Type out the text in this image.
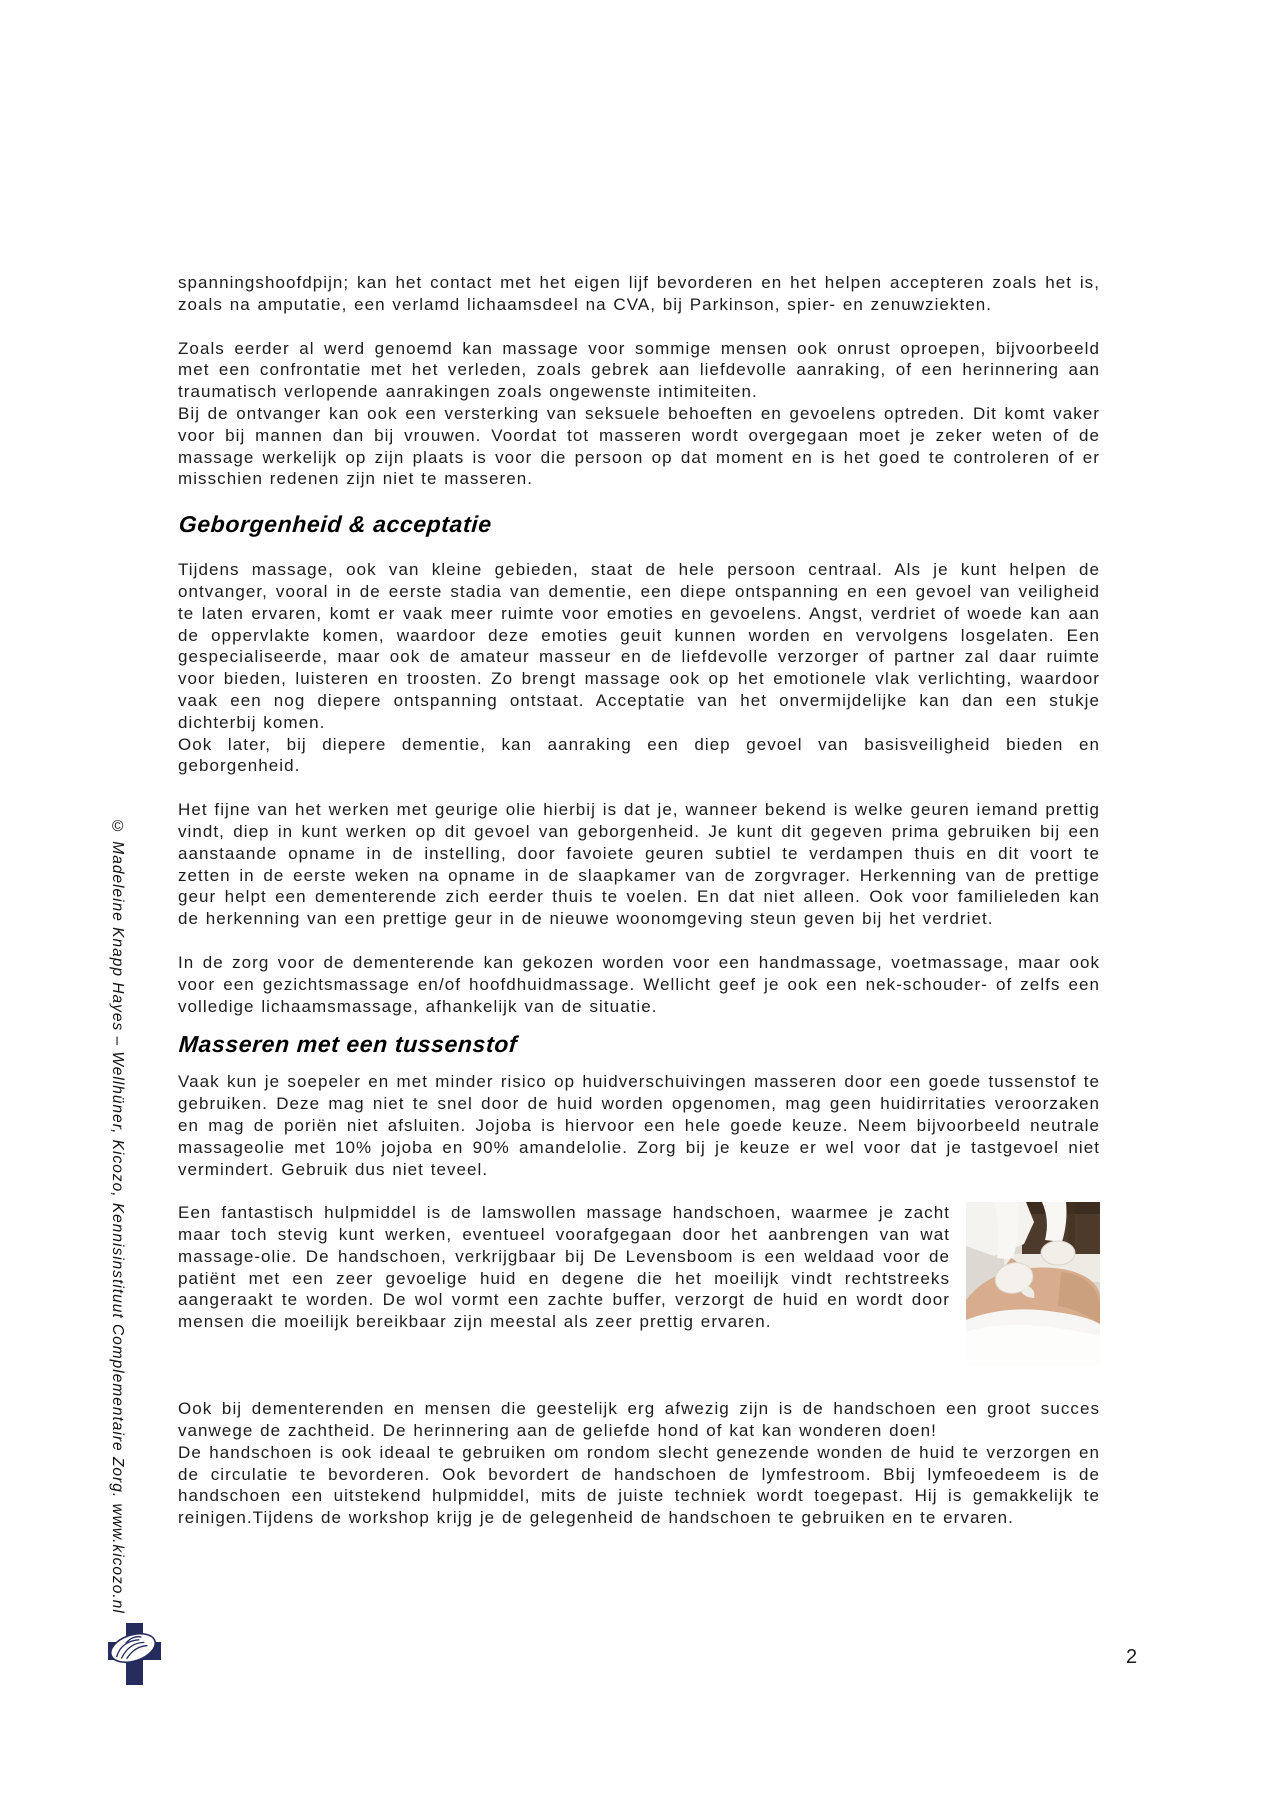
© Madeleine Knapp Hayes – Wellhüner, Kicozo, Kennisinstituut Complementaire Zorg. www.kicozo.nl

spanningshoofdpijn; kan het contact met het eigen lijf bevorderen en het helpen accepteren zoals het is, zoals na amputatie, een verlamd lichaamsdeel na CVA, bij Parkinson, spier- en zenuwziekten.

Zoals eerder al werd genoemd kan massage voor sommige mensen ook onrust oproepen, bijvoorbeeld met een confrontatie met het verleden, zoals gebrek aan liefdevolle aanraking, of een herinnering aan traumatisch verlopende aanrakingen zoals ongewenste intimiteiten.

Bij de ontvanger kan ook een versterking van seksuele behoeften en gevoelens optreden. Dit komt vaker voor bij mannen dan bij vrouwen. Voordat tot masseren wordt overgegaan moet je zeker weten of de massage werkelijk op zijn plaats is voor die persoon op dat moment en is het goed te controleren of er misschien redenen zijn niet te masseren.

Geborgenheid & acceptatie

Tijdens massage, ook van kleine gebieden, staat de hele persoon centraal. Als je kunt helpen de ontvanger, vooral in de eerste stadia van dementie, een diepe ontspanning en een gevoel van veiligheid te laten ervaren, komt er vaak meer ruimte voor emoties en gevoelens. Angst, verdriet of woede kan aan de oppervlakte komen, waardoor deze emoties geuit kunnen worden en vervolgens losgelaten. Een gespecialiseerde, maar ook de amateur masseur en de liefdevolle verzorger of partner zal daar ruimte voor bieden, luisteren en troosten. Zo brengt massage ook op het emotionele vlak verlichting, waardoor vaak een nog diepere ontspanning ontstaat. Acceptatie van het onvermijdelijke kan dan een stukje dichterbij komen.

Ook later, bij diepere dementie, kan aanraking een diep gevoel van basisveiligheid bieden en geborgenheid.

Het fijne van het werken met geurige olie hierbij is dat je, wanneer bekend is welke geuren iemand prettig vindt, diep in kunt werken op dit gevoel van geborgenheid. Je kunt dit gegeven prima gebruiken bij een aanstaande opname in de instelling, door favoiete geuren subtiel te verdampen thuis en dit voort te zetten in de eerste weken na opname in de slaapkamer van de zorgvrager. Herkenning van de prettige geur helpt een dementerende zich eerder thuis te voelen. En dat niet alleen. Ook voor familieleden kan de herkenning van een prettige geur in de nieuwe woonomgeving steun geven bij het verdriet.

In de zorg voor de dementerende kan gekozen worden voor een handmassage, voetmassage, maar ook voor een gezichtsmassage en/of hoofdhuidmassage. Wellicht geef je ook een nek-schouder- of zelfs een volledige lichaamsmassage, afhankelijk van de situatie.

Masseren met een tussenstof

Vaak kun je soepeler en met minder risico op huidverschuivingen masseren door een goede tussenstof te gebruiken. Deze mag niet te snel door de huid worden opgenomen, mag geen huidirritaties veroorzaken en mag de poriën niet afsluiten. Jojoba is hiervoor een hele goede keuze. Neem bijvoorbeeld neutrale massageolie met 10% jojoba en 90% amandelolie. Zorg bij je keuze er wel voor dat je tastgevoel niet vermindert. Gebruik dus niet teveel.

Een fantastisch hulpmiddel is de lamswollen massage handschoen, waarmee je zacht maar toch stevig kunt werken, eventueel voorafgegaan door het aanbrengen van wat massage-olie. De handschoen, verkrijgbaar bij De Levensboom is een weldaad voor de patiënt met een zeer gevoelige huid en degene die het moeilijk vindt rechtstreeks aangeraakt te worden. De wol vormt een zachte buffer, verzorgt de huid en wordt door mensen die moeilijk bereikbaar zijn meestal als zeer prettig ervaren.

Ook bij dementerenden en mensen die geestelijk erg afwezig zijn is de handschoen een groot succes vanwege de zachtheid. De herinnering aan de geliefde hond of kat kan wonderen doen!

De handschoen is ook ideaal te gebruiken om rondom slecht genezende wonden de huid te verzorgen en de circulatie te bevorderen. Ook bevordert de handschoen de lymfestroom. Bbij lymfeoedeem is de handschoen een uitstekend hulpmiddel, mits de juiste techniek wordt toegepast. Hij is gemakkelijk te reinigen.Tijdens de workshop krijg je de gelegenheid de handschoen te gebruiken en te ervaren.

2
